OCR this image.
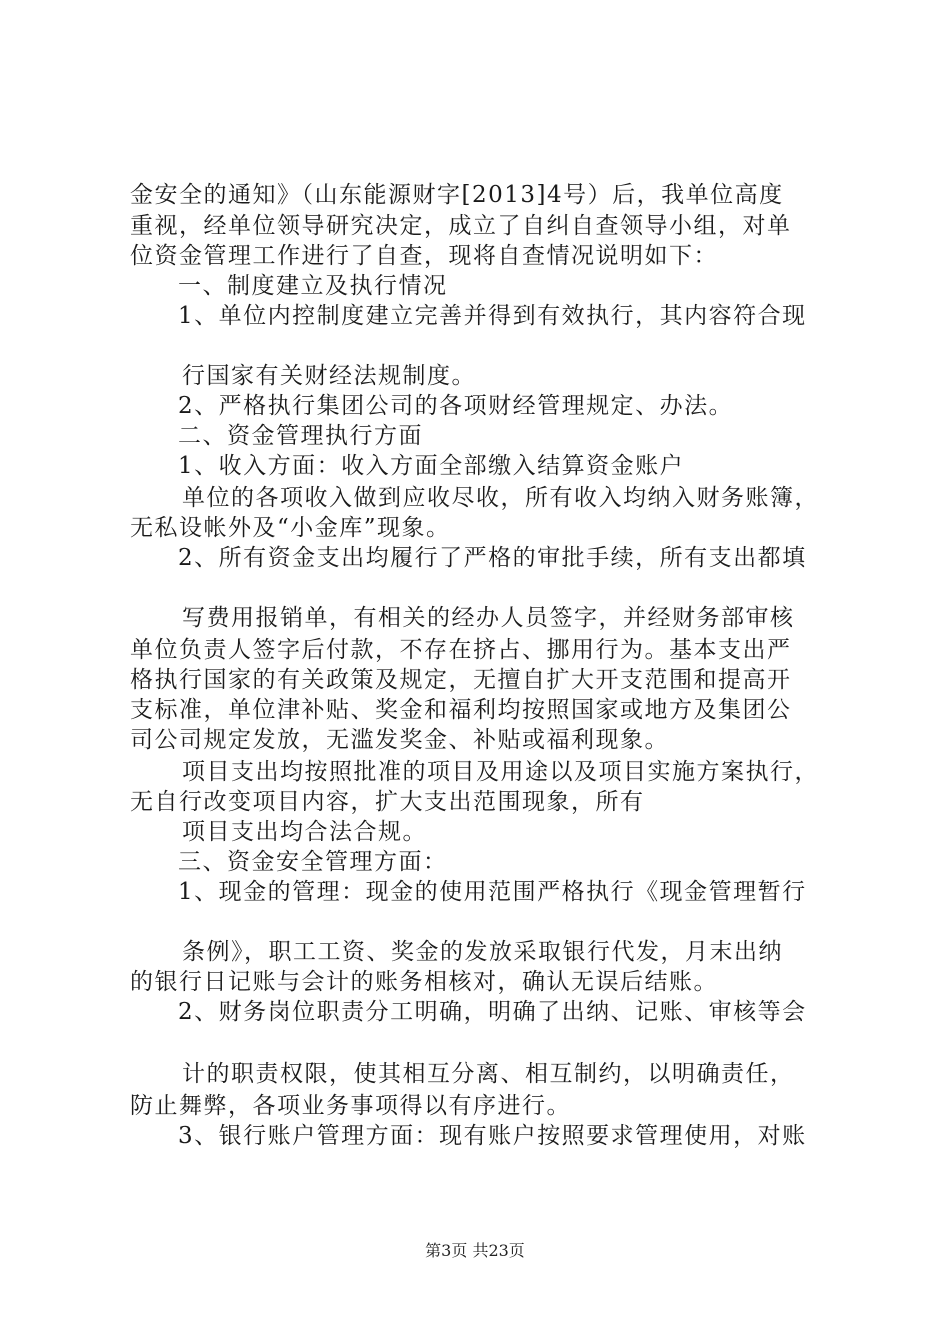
金安全的通知》（山东能源财字[2013]4号）后，我单位高度
重视，经单位领导研究决定，成立了自纠自查领导小组，对单
位资金管理工作进行了自查，现将自查情况说明如下：
一、制度建立及执行情况
1、单位内控制度建立完善并得到有效执行，其内容符合现
行国家有关财经法规制度。
2、严格执行集团公司的各项财经管理规定、办法。
二、资金管理执行方面
1、收入方面：收入方面全部缴入结算资金账户
单位的各项收入做到应收尽收，所有收入均纳入财务账簿，
无私设帐外及“小金库”现象。
2、所有资金支出均履行了严格的审批手续，所有支出都填
写费用报销单，有相关的经办人员签字，并经财务部审核
单位负责人签字后付款，不存在挤占、挪用行为。基本支出严
格执行国家的有关政策及规定，无擅自扩大开支范围和提高开
支标准，单位津补贴、奖金和福利均按照国家或地方及集团公
司公司规定发放，无滥发奖金、补贴或福利现象。
项目支出均按照批准的项目及用途以及项目实施方案执行，
无自行改变项目内容，扩大支出范围现象，所有
项目支出均合法合规。
三、资金安全管理方面：
1、现金的管理：现金的使用范围严格执行《现金管理暂行
条例》，职工工资、奖金的发放采取银行代发，月末出纳
的银行日记账与会计的账务相核对，确认无误后结账。
2、财务岗位职责分工明确，明确了出纳、记账、审核等会
计的职责权限，使其相互分离、相互制约，以明确责任，
防止舞弊，各项业务事项得以有序进行。
3、银行账户管理方面：现有账户按照要求管理使用，对账
第3页 共23页
